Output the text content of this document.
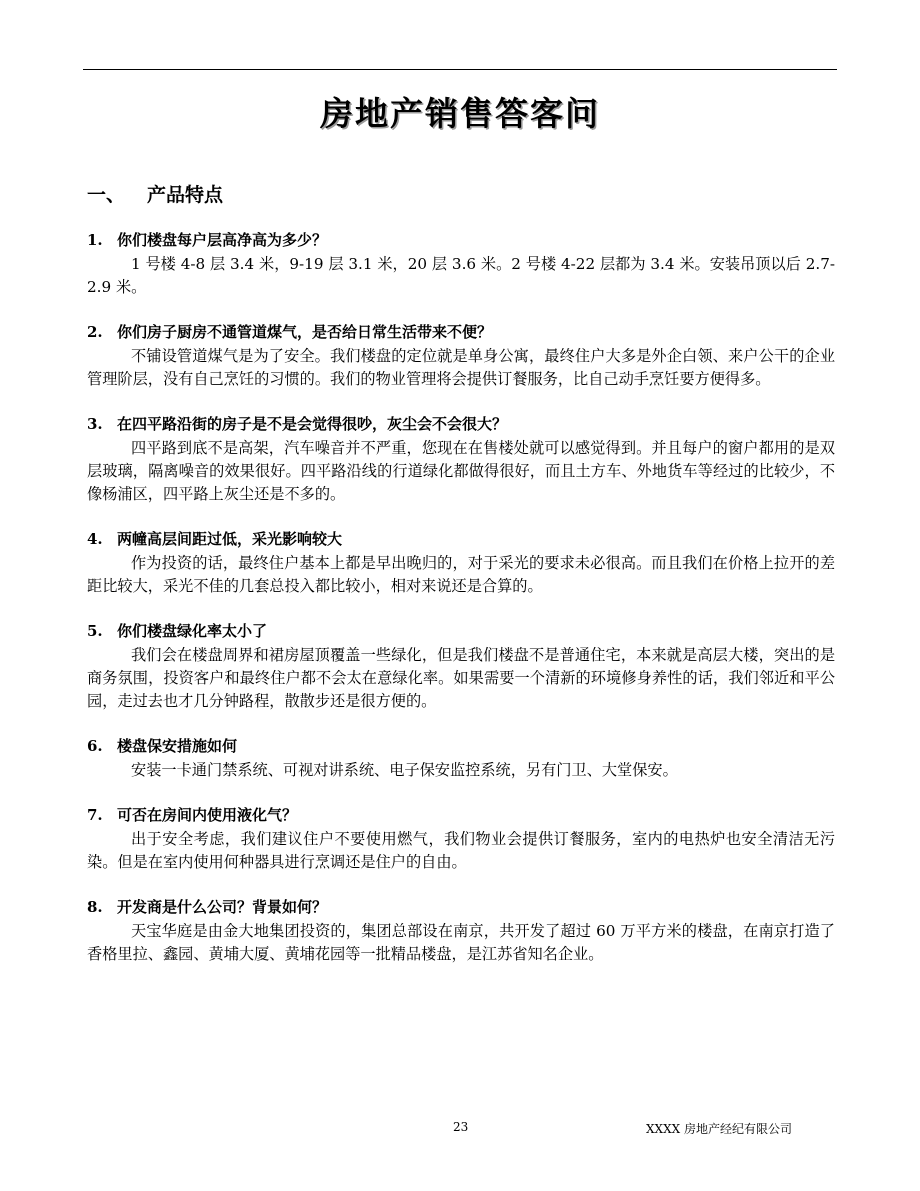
房地产销售答客问
一、 产品特点
1. 你们楼盘每户层高净高为多少？

1 号楼 4-8 层 3.4 米，9-19 层 3.1 米，20 层 3.6 米。2 号楼 4-22 层都为 3.4 米。安装吊顶以后 2.7-2.9 米。

2. 你们房子厨房不通管道煤气，是否给日常生活带来不便？

不铺设管道煤气是为了安全。我们楼盘的定位就是单身公寓，最终住户大多是外企白领、来户公干的企业管理阶层，没有自己烹饪的习惯的。我们的物业管理将会提供订餐服务，比自己动手烹饪要方便得多。

3. 在四平路沿街的房子是不是会觉得很吵，灰尘会不会很大？

四平路到底不是高架，汽车噪音并不严重，您现在在售楼处就可以感觉得到。并且每户的窗户都用的是双层玻璃，隔离噪音的效果很好。四平路沿线的行道绿化都做得很好，而且土方车、外地货车等经过的比较少，不像杨浦区，四平路上灰尘还是不多的。

4. 两幢高层间距过低，采光影响较大

作为投资的话，最终住户基本上都是早出晚归的，对于采光的要求未必很高。而且我们在价格上拉开的差距比较大，采光不佳的几套总投入都比较小，相对来说还是合算的。

5. 你们楼盘绿化率太小了

我们会在楼盘周界和裙房屋顶覆盖一些绿化，但是我们楼盘不是普通住宅，本来就是高层大楼，突出的是商务氛围，投资客户和最终住户都不会太在意绿化率。如果需要一个清新的环境修身养性的话，我们邻近和平公园，走过去也才几分钟路程，散散步还是很方便的。

6. 楼盘保安措施如何

安装一卡通门禁系统、可视对讲系统、电子保安监控系统，另有门卫、大堂保安。

7. 可否在房间内使用液化气？

出于安全考虑，我们建议住户不要使用燃气，我们物业会提供订餐服务，室内的电热炉也安全清洁无污染。但是在室内使用何种器具进行烹调还是住户的自由。

8. 开发商是什么公司？背景如何？

天宝华庭是由金大地集团投资的，集团总部设在南京，共开发了超过 60 万平方米的楼盘，在南京打造了香格里拉、鑫园、黄埔大厦、黄埔花园等一批精品楼盘，是江苏省知名企业。

23	XXXX 房地产经纪有限公司
